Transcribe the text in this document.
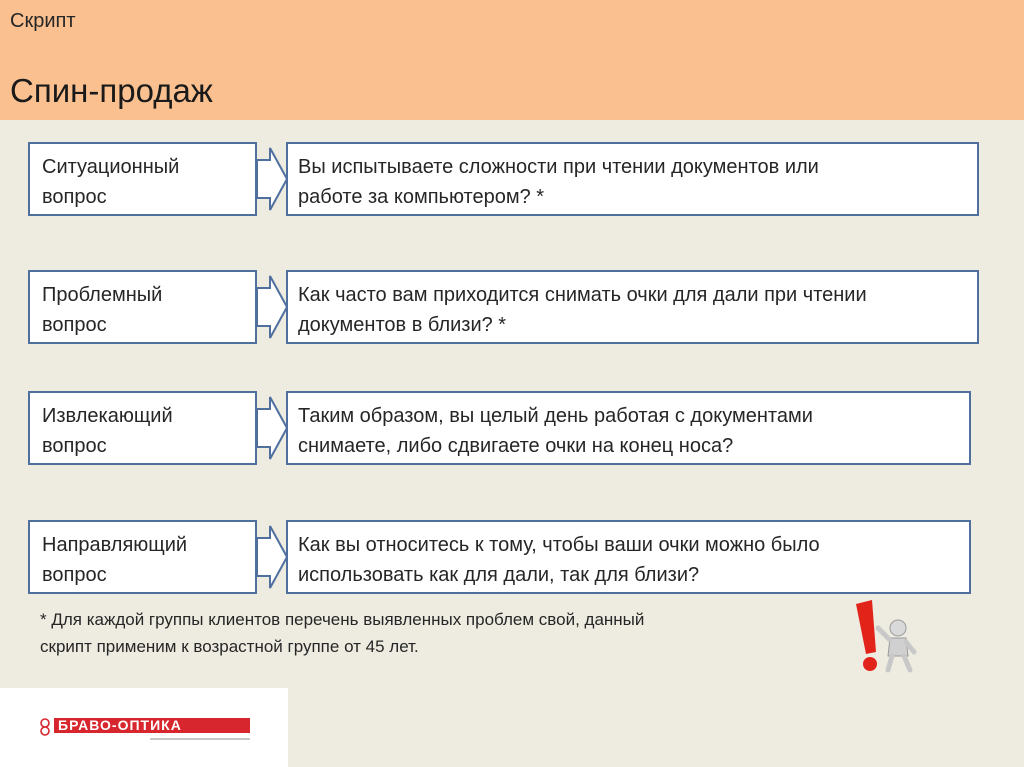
Скрипт
Спин-продаж
Ситуационный
вопрос
Вы испытываете сложности при чтении документов или
работе за компьютером? *
Проблемный
вопрос
Как часто вам приходится снимать очки для дали при чтении
документов в близи? *
Извлекающий
вопрос
Таким образом, вы целый день работая с документами
снимаете, либо сдвигаете очки на конец носа?
Направляющий
вопрос
Как вы относитесь к тому, чтобы ваши очки можно было
использовать как для дали, так для близи?
* Для каждой группы клиентов перечень выявленных проблем свой, данный
скрипт применим к возрастной группе от 45 лет.
БРАВО-ОПТИКА
